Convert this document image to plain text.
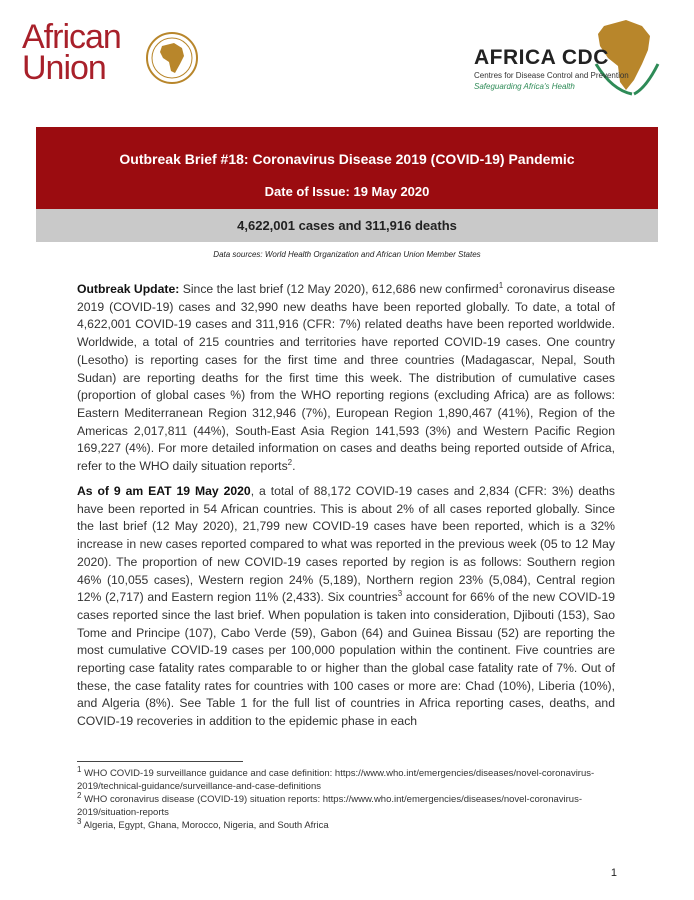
African
Union	AFRICA CDC
Centres for Disease Control and Prevention
Safeguarding Africa's Health
Outbreak Brief #18: Coronavirus Disease 2019 (COVID-19) Pandemic
Date of Issue: 19 May 2020
4,622,001 cases and 311,916 deaths
Data sources: World Health Organization and African Union Member States
Outbreak Update: Since the last brief (12 May 2020), 612,686 new confirmed$^1$ coronavirus disease 2019 (COVID-19) cases and 32,990 new deaths have been reported globally. To date, a total of 4,622,001 COVID-19 cases and 311,916 (CFR: 7%) related deaths have been reported worldwide. Worldwide, a total of 215 countries and territories have reported COVID-19 cases. One country (Lesotho) is reporting cases for the first time and three countries (Madagascar, Nepal, South Sudan) are reporting deaths for the first time this week. The distribution of cumulative cases (proportion of global cases %) from the WHO reporting regions (excluding Africa) are as follows: Eastern Mediterranean Region 312,946 (7%), European Region 1,890,467 (41%), Region of the Americas 2,017,811 (44%), South-East Asia Region 141,593 (3%) and Western Pacific Region 169,227 (4%). For more detailed information on cases and deaths being reported outside of Africa, refer to the WHO daily situation reports$^2$.
As of 9 am EAT 19 May 2020, a total of 88,172 COVID-19 cases and 2,834 (CFR: 3%) deaths have been reported in 54 African countries. This is about 2% of all cases reported globally. Since the last brief (12 May 2020), 21,799 new COVID-19 cases have been reported, which is a 32% increase in new cases reported compared to what was reported in the previous week (05 to 12 May 2020). The proportion of new COVID-19 cases reported by region is as follows: Southern region 46% (10,055 cases), Western region 24% (5,189), Northern region 23% (5,084), Central region 12% (2,717) and Eastern region 11% (2,433). Six countries$^3$ account for 66% of the new COVID-19 cases reported since the last brief. When population is taken into consideration, Djibouti (153), Sao Tome and Principe (107), Cabo Verde (59), Gabon (64) and Guinea Bissau (52) are reporting the most cumulative COVID-19 cases per 100,000 population within the continent. Five countries are reporting case fatality rates comparable to or higher than the global case fatality rate of 7%. Out of these, the case fatality rates for countries with 100 cases or more are: Chad (10%), Liberia (10%), and Algeria (8%). See Table 1 for the full list of countries in Africa reporting cases, deaths, and COVID-19 recoveries in addition to the epidemic phase in each
$^1$ WHO COVID-19 surveillance guidance and case definition: https://www.who.int/emergencies/diseases/novel-coronavirus-2019/technical-guidance/surveillance-and-case-definitions
$^2$ WHO coronavirus disease (COVID-19) situation reports: https://www.who.int/emergencies/diseases/novel-coronavirus-2019/situation-reports
$^3$ Algeria, Egypt, Ghana, Morocco, Nigeria, and South Africa
1
